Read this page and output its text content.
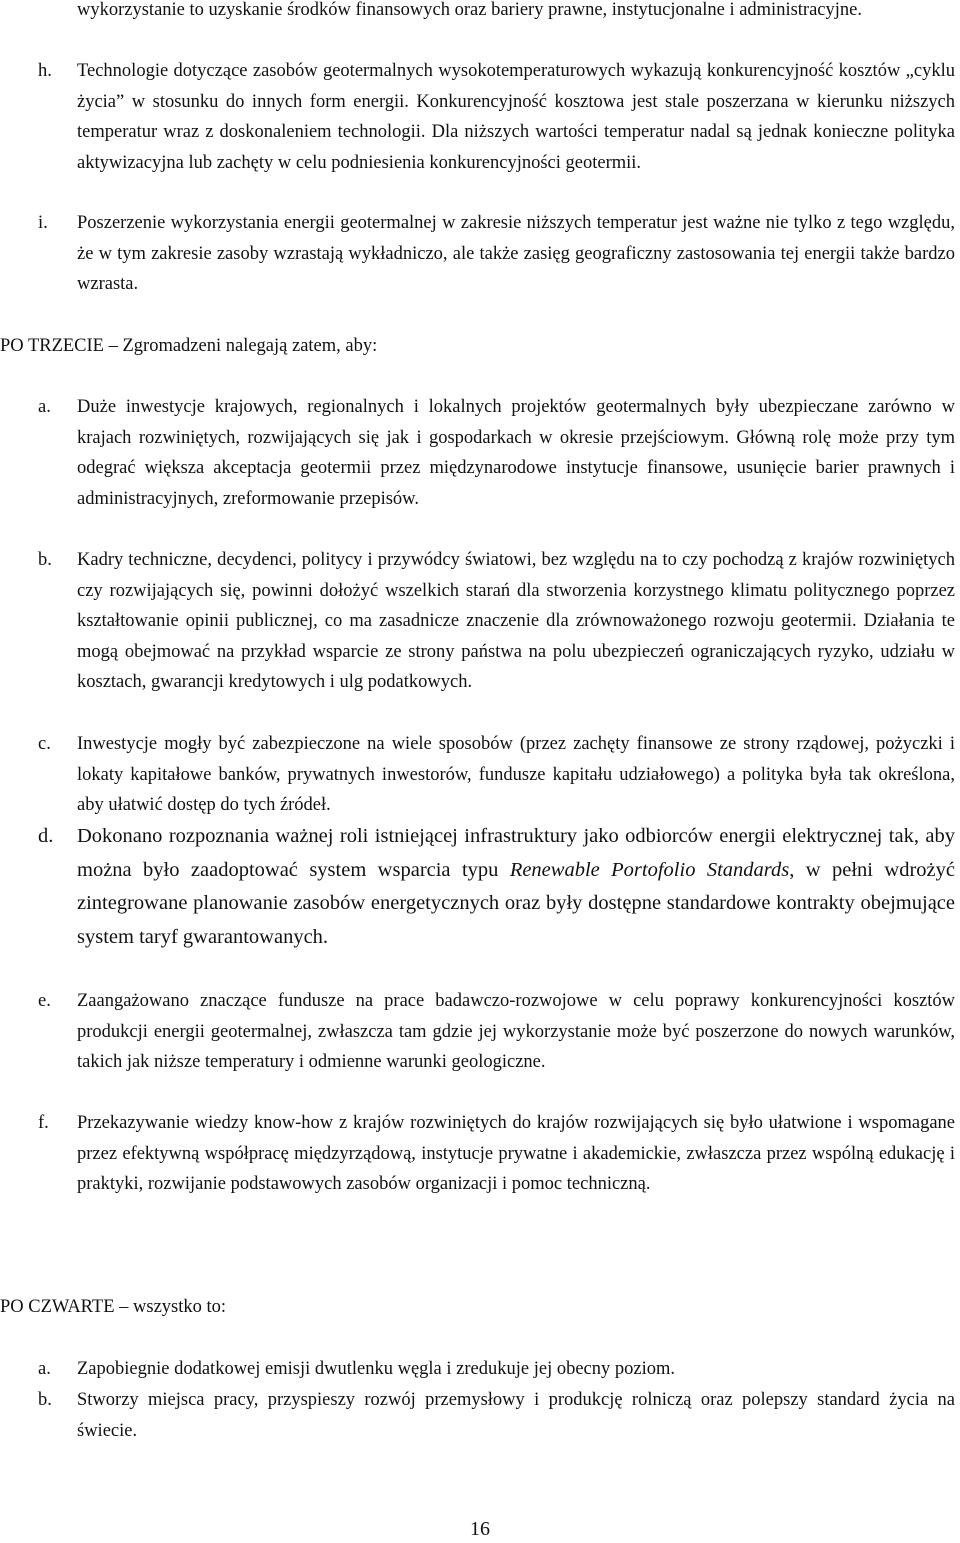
wykorzystanie to uzyskanie środków finansowych oraz bariery prawne, instytucjonalne i administracyjne.
h. Technologie dotyczące zasobów geotermalnych wysokotemperaturowych wykazują konkurencyjność kosztów „cyklu życia” w stosunku do innych form energii. Konkurencyjność kosztowa jest stale poszerzana w kierunku niższych temperatur wraz z doskonaleniem technologii. Dla niższych wartości temperatur nadal są jednak konieczne polityka aktywizacyjna lub zachęty w celu podniesienia konkurencyjności geotermii.
i. Poszerzenie wykorzystania energii geotermalnej w zakresie niższych temperatur jest ważne nie tylko z tego względu, że w tym zakresie zasoby wzrastają wykładniczo, ale także zasięg geograficzny zastosowania tej energii także bardzo wzrasta.
PO TRZECIE – Zgromadzeni nalegają zatem, aby:
a. Duże inwestycje krajowych, regionalnych i lokalnych projektów geotermalnych były ubezpieczane zarówno w krajach rozwiniętych, rozwijających się jak i gospodarkach w okresie przejściowym. Główną rolę może przy tym odegrać większa akceptacja geotermii przez międzynarodowe instytucje finansowe, usunięcie barier prawnych i administracyjnych, zreformowanie przepisów.
b. Kadry techniczne, decydenci, politycy i przywódcy światowi, bez względu na to czy pochodzą z krajów rozwiniętych czy rozwijających się, powinni dołożyć wszelkich starań dla stworzenia korzystnego klimatu politycznego poprzez kształtowanie opinii publicznej, co ma zasadnicze znaczenie dla zrównoważonego rozwoju geotermii. Działania te mogą obejmować na przykład wsparcie ze strony państwa na polu ubezpieczeń ograniczających ryzyko, udziału w kosztach, gwarancji kredytowych i ulg podatkowych.
c. Inwestycje mogły być zabezpieczone na wiele sposobów (przez zachęty finansowe ze strony rządowej, pożyczki i lokaty kapitałowe banków, prywatnych inwestorów, fundusze kapitału udziałowego) a polityka była tak określona, aby ułatwić dostęp do tych źródeł.
d. Dokonano rozpoznania ważnej roli istniejącej infrastruktury jako odbiorców energii elektrycznej tak, aby można było zaadoptować system wsparcia typu Renewable Portofolio Standards, w pełni wdrożyć zintegrowane planowanie zasobów energetycznych oraz były dostępne standardowe kontrakty obejmujące system taryf gwarantowanych.
e. Zaangażowano znaczące fundusze na prace badawczo-rozwojowe w celu poprawy konkurencyjności kosztów produkcji energii geotermalnej, zwłaszcza tam gdzie jej wykorzystanie może być poszerzone do nowych warunków, takich jak niższe temperatury i odmienne warunki geologiczne.
f. Przekazywanie wiedzy know-how z krajów rozwiniętych do krajów rozwijających się było ułatwione i wspomagane przez efektywną współpracę międzyrządową, instytucje prywatne i akademickie, zwłaszcza przez wspólną edukację i praktyki, rozwijanie podstawowych zasobów organizacji i pomoc techniczną.
PO CZWARTE – wszystko to:
a. Zapobiegnie dodatkowej emisji dwutlenku węgla i zredukuje jej obecny poziom.
b. Stworzy miejsca pracy, przyspieszy rozwój przemysłowy i produkcję rolniczą oraz polepszy standard życia na świecie.
16
